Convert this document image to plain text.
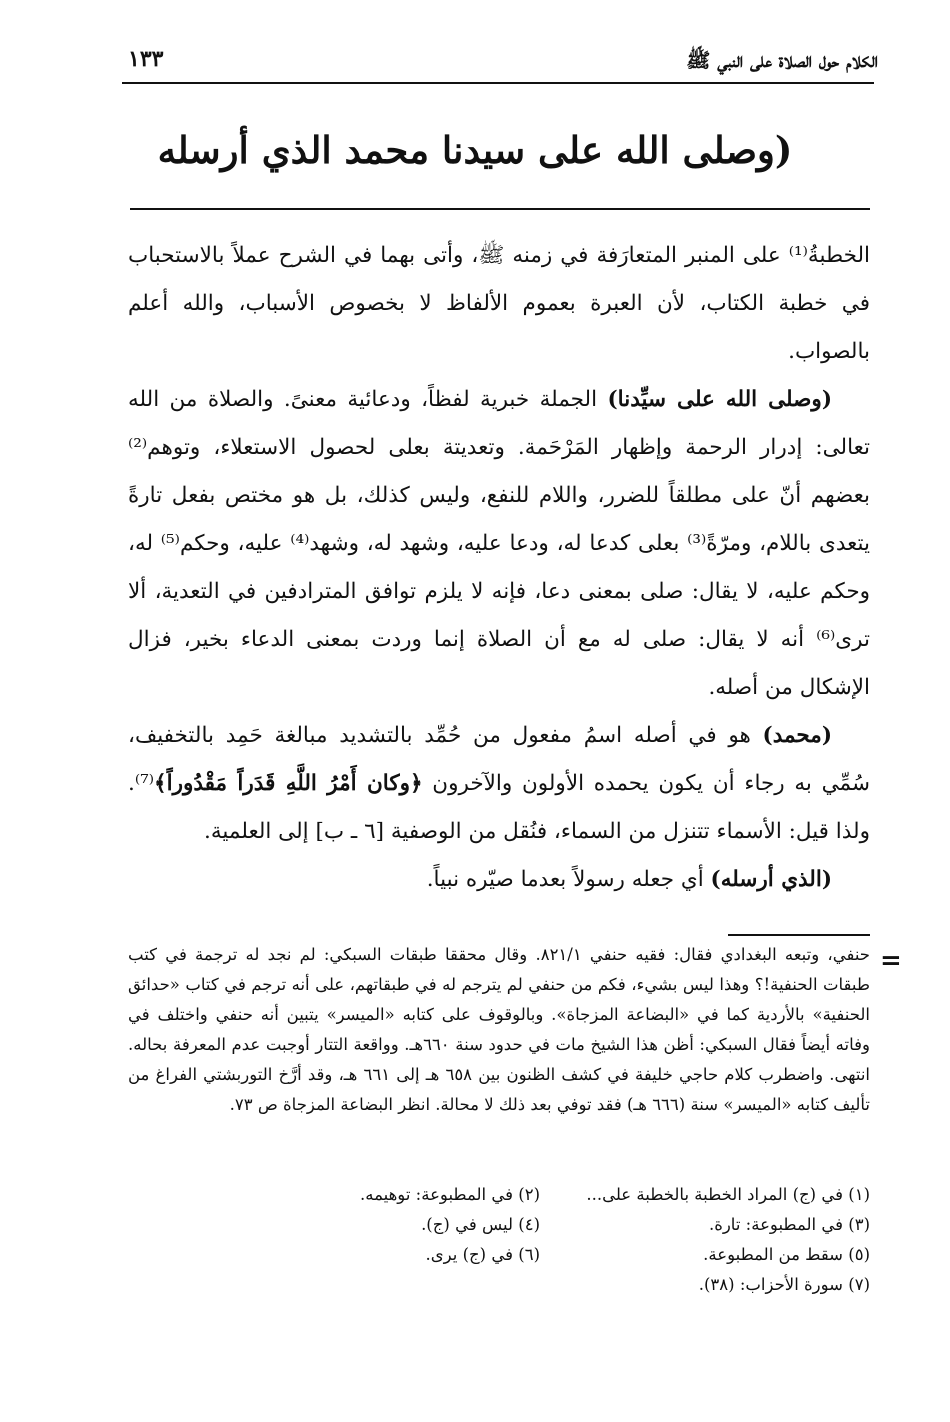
الكلام حول الصلاة على النبي ﷺ
١٣٣
(وصلى الله على سيدنا محمد الذي أرسله

الخطبةُ⁽¹⁾ على المنبر المتعارَفة في زمنه ﷺ، وأتى بهما في الشرح عملاً بالاستحباب في خطبة الكتاب، لأن العبرة بعموم الألفاظ لا بخصوص الأسباب، والله أعلم بالصواب.

(وصلى الله على سيِّدنا) الجملة خبرية لفظاً، ودعائية معنىً. والصلاة من الله تعالى: إدرار الرحمة وإظهار المَرْحَمة. وتعديتة بعلى لحصول الاستعلاء، وتوهم⁽²⁾ بعضهم أنّ على مطلقاً للضرر، واللام للنفع، وليس كذلك، بل هو مختص بفعل تارةً يتعدى باللام، ومرّةً⁽³⁾ بعلى كدعا له، ودعا عليه، وشهد له، وشهد⁽⁴⁾ عليه، وحكم⁽⁵⁾ له، وحكم عليه، لا يقال: صلى بمعنى دعا، فإنه لا يلزم توافق المترادفين في التعدية، ألا ترى⁽⁶⁾ أنه لا يقال: صلى له مع أن الصلاة إنما وردت بمعنى الدعاء بخير، فزال الإشكال من أصله.

(محمد) هو في أصله اسمُ مفعول من حُمِّد بالتشديد مبالغة حَمِد بالتخفيف، سُمِّي به رجاء أن يكون يحمده الأولون والآخرون ﴿وكان أَمْرُ اللَّهِ قَدَراً مَقْدُوراً﴾⁽⁷⁾. ولذا قيل: الأسماء تتنزل من السماء، فنُقل من الوصفية [٦ ـ ب] إلى العلمية.

(الذي أرسله) أي جعله رسولاً بعدما صيّره نبياً.

=

حنفي، وتبعه البغدادي فقال: فقيه حنفي ٨٢١/١. وقال محققا طبقات السبكي: لم نجد له ترجمة في كتب طبقات الحنفية!؟ وهذا ليس بشيء، فكم من حنفي لم يترجم له في طبقاتهم، على أنه ترجم في كتاب «حدائق الحنفية» بالأردية كما في «البضاعة المزجاة». وبالوقوف على كتابه «الميسر» يتبين أنه حنفي واختلف في وفاته أيضاً فقال السبكي: أظن هذا الشيخ مات في حدود سنة ٦٦٠هـ. وواقعة التتار أوجبت عدم المعرفة بحاله. انتهى. واضطرب كلام حاجي خليفة في كشف الظنون بين ٦٥٨ هـ إلى ٦٦١ هـ، وقد أرَّخ التوربشتي الفراغ من تأليف كتابه «الميسر» سنة (٦٦٦ هـ) فقد توفي بعد ذلك لا محالة. انظر البضاعة المزجاة ص ٧٣.

(١) في (ج) المراد الخطبة بالخطبة على...
(٢) في المطبوعة: توهيمه.
(٣) في المطبوعة: تارة.
(٤) ليس في (ج).
(٥) سقط من المطبوعة.
(٦) في (ج) يرى.
(٧) سورة الأحزاب: (٣٨).
